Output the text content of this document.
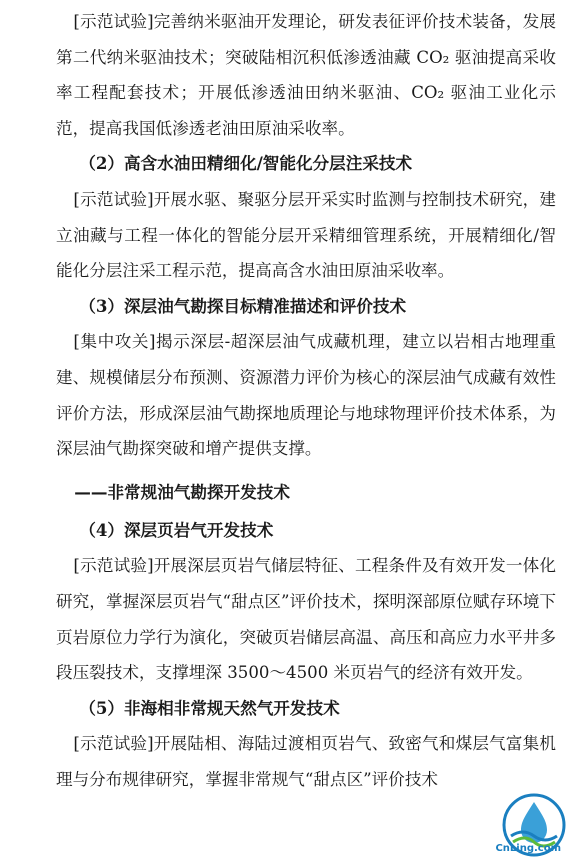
[示范试验]完善纳米驱油开发理论，研发表征评价技术装备，发展第二代纳米驱油技术；突破陆相沉积低渗透油藏 CO₂ 驱油提高采收率工程配套技术；开展低渗透油田纳米驱油、CO₂ 驱油工业化示范，提高我国低渗透老油田原油采收率。

（2）高含水油田精细化/智能化分层注采技术

[示范试验]开展水驱、聚驱分层开采实时监测与控制技术研究，建立油藏与工程一体化的智能分层开采精细管理系统，开展精细化/智能化分层注采工程示范，提高高含水油田原油采收率。

（3）深层油气勘探目标精准描述和评价技术

[集中攻关]揭示深层-超深层油气成藏机理，建立以岩相古地理重建、规模储层分布预测、资源潜力评价为核心的深层油气成藏有效性评价方法，形成深层油气勘探地质理论与地球物理评价技术体系，为深层油气勘探突破和增产提供支撑。

——非常规油气勘探开发技术

（4）深层页岩气开发技术

[示范试验]开展深层页岩气储层特征、工程条件及有效开发一体化研究，掌握深层页岩气“甜点区”评价技术，探明深部原位赋存环境下页岩原位力学行为演化，突破页岩储层高温、高压和高应力水平井多段压裂技术，支撑埋深 3500～4500 米页岩气的经济有效开发。

（5）非海相非常规天然气开发技术

[示范试验]开展陆相、海陆过渡相页岩气、致密气和煤层气富集机理与分布规律研究，掌握非常规气“甜点区”评价技术

CnLing.com
